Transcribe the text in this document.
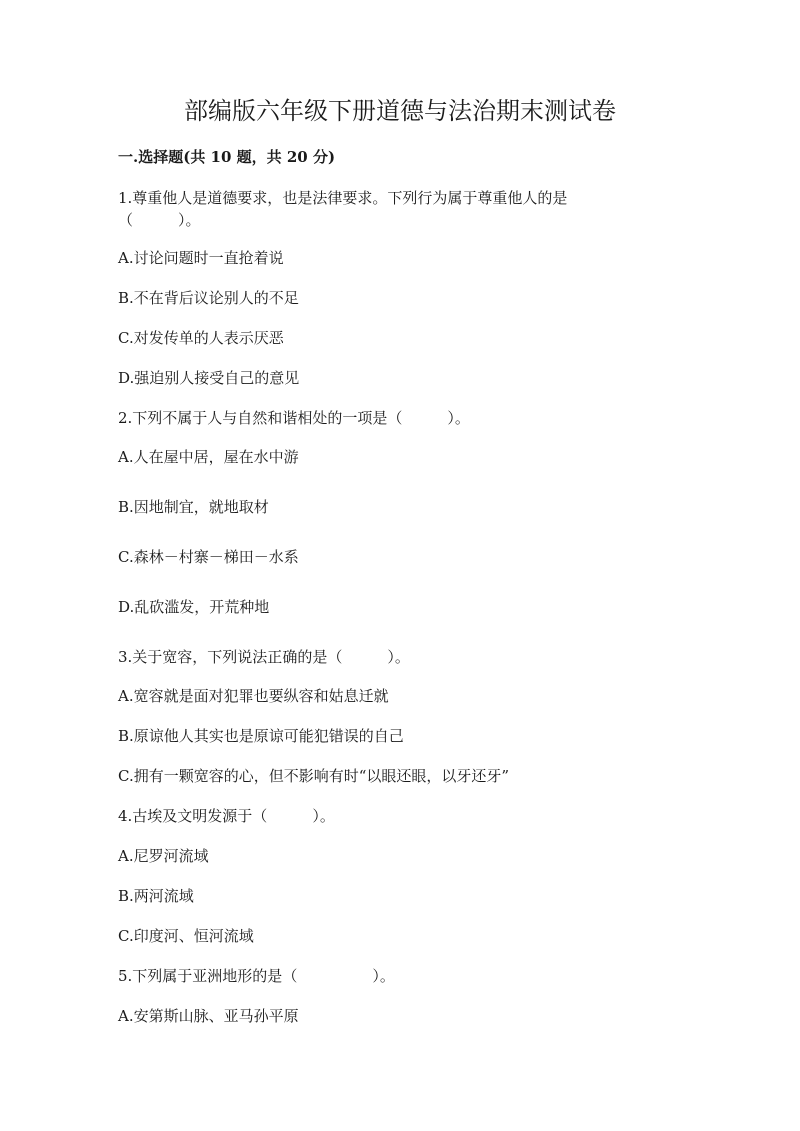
部编版六年级下册道德与法治期末测试卷
一.选择题(共 10 题，共 20 分)
1.尊重他人是道德要求，也是法律要求。下列行为属于尊重他人的是
（　　　）。
A.讨论问题时一直抢着说
B.不在背后议论别人的不足
C.对发传单的人表示厌恶
D.强迫别人接受自己的意见
2.下列不属于人与自然和谐相处的一项是（　　　）。
A.人在屋中居，屋在水中游
B.因地制宜，就地取材
C.森林－村寨－梯田－水系
D.乱砍滥发，开荒种地
3.关于宽容，下列说法正确的是（　　　）。
A.宽容就是面对犯罪也要纵容和姑息迁就
B.原谅他人其实也是原谅可能犯错误的自己
C.拥有一颗宽容的心，但不影响有时“以眼还眼，以牙还牙”
4.古埃及文明发源于（　　　）。
A.尼罗河流域
B.两河流域
C.印度河、恒河流域
5.下列属于亚洲地形的是（　　　　　）。
A.安第斯山脉、亚马孙平原
